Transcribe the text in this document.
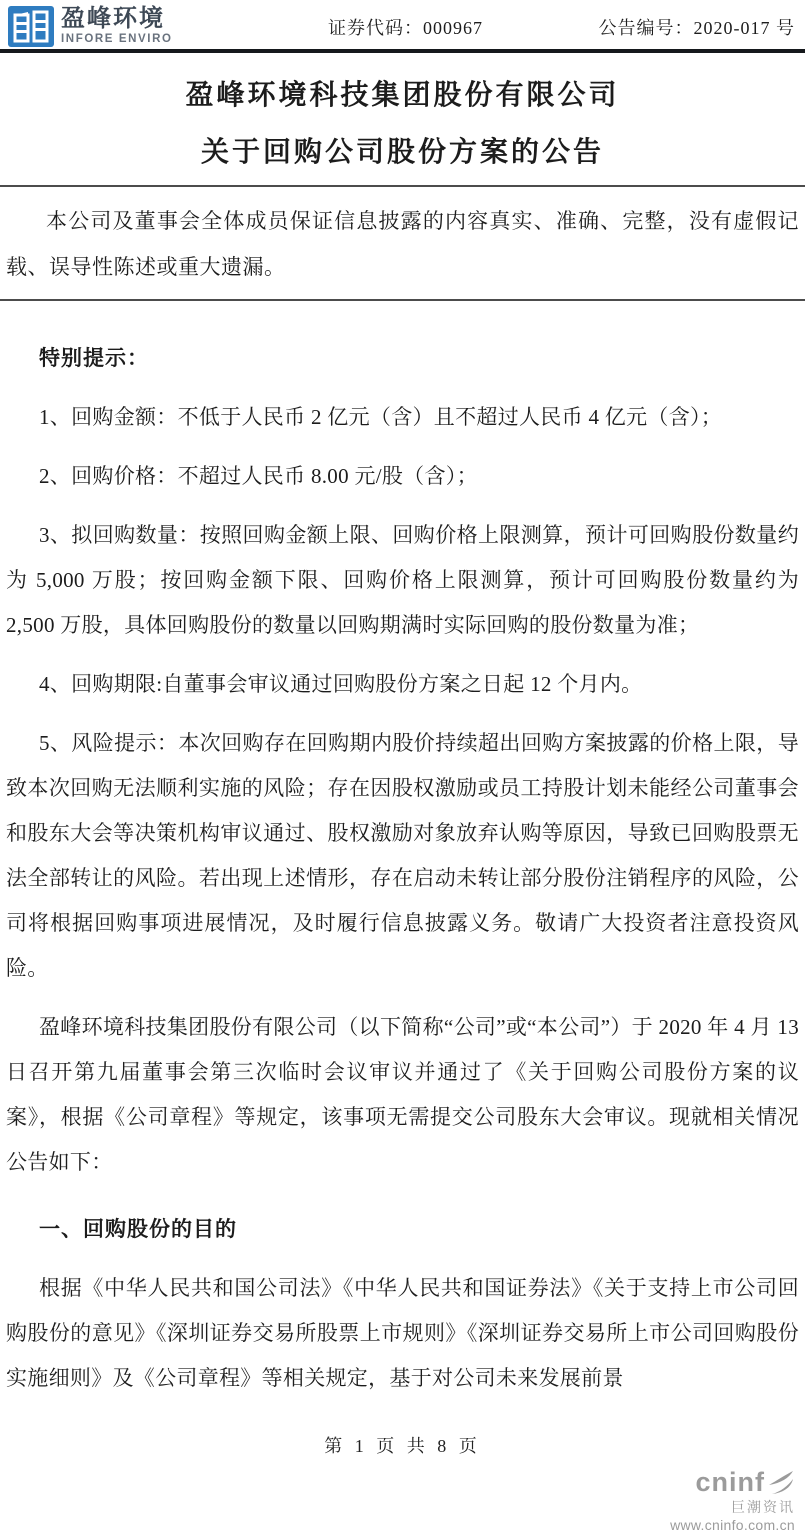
盈峰环境
INFORE ENVIRO
证券代码：000967	公告编号：2020-017 号
盈峰环境科技集团股份有限公司
关于回购公司股份方案的公告

本公司及董事会全体成员保证信息披露的内容真实、准确、完整，没有虚假记载、误导性陈述或重大遗漏。

特别提示：

1、回购金额：不低于人民币 2 亿元（含）且不超过人民币 4 亿元（含）；

2、回购价格：不超过人民币 8.00 元/股（含）；

3、拟回购数量：按照回购金额上限、回购价格上限测算，预计可回购股份数量约为 5,000 万股；按回购金额下限、回购价格上限测算，预计可回购股份数量约为 2,500 万股，具体回购股份的数量以回购期满时实际回购的股份数量为准；

4、回购期限:自董事会审议通过回购股份方案之日起 12 个月内。

5、风险提示：本次回购存在回购期内股价持续超出回购方案披露的价格上限，导致本次回购无法顺利实施的风险；存在因股权激励或员工持股计划未能经公司董事会和股东大会等决策机构审议通过、股权激励对象放弃认购等原因，导致已回购股票无法全部转让的风险。若出现上述情形，存在启动未转让部分股份注销程序的风险，公司将根据回购事项进展情况，及时履行信息披露义务。敬请广大投资者注意投资风险。

盈峰环境科技集团股份有限公司（以下简称“公司”或“本公司”）于 2020 年 4 月 13 日召开第九届董事会第三次临时会议审议并通过了《关于回购公司股份方案的议案》，根据《公司章程》等规定，该事项无需提交公司股东大会审议。现就相关情况公告如下：

一、回购股份的目的

根据《中华人民共和国公司法》《中华人民共和国证券法》《关于支持上市公司回购股份的意见》《深圳证券交易所股票上市规则》《深圳证券交易所上市公司回购股份实施细则》及《公司章程》等相关规定，基于对公司未来发展前景

第 1 页 共 8 页
cninf
巨潮资讯
www.cninfo.com.cn
